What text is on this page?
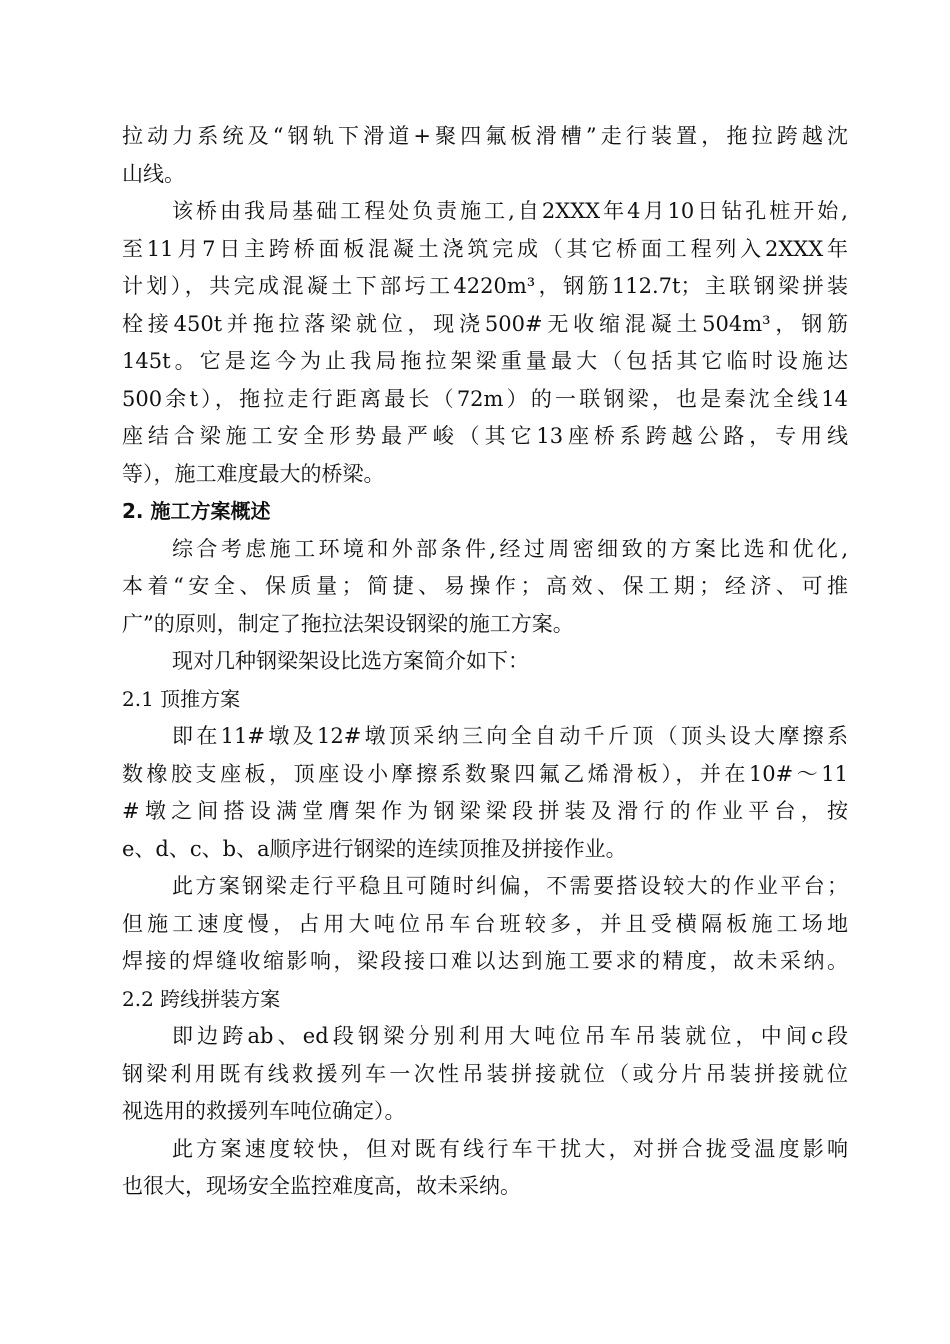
拉动力系统及“钢轨下滑道+聚四氟板滑槽”走行装置，拖拉跨越沈
山线。
该桥由我局基础工程处负责施工,自2XXX年4月10日钻孔桩开始,
至11月7日主跨桥面板混凝土浇筑完成（其它桥面工程列入2XXX年
计划），共完成混凝土下部圬工4220m³，钢筋112.7t；主联钢梁拼装
栓接450t并拖拉落梁就位，现浇500#无收缩混凝土504m³，钢筋
145t。它是迄今为止我局拖拉架梁重量最大（包括其它临时设施达
500余t），拖拉走行距离最长（72m）的一联钢梁，也是秦沈全线14
座结合梁施工安全形势最严峻（其它13座桥系跨越公路，专用线
等），施工难度最大的桥梁。
2. 施工方案概述
综合考虑施工环境和外部条件,经过周密细致的方案比选和优化,
本着“安全、保质量；简捷、易操作；高效、保工期；经济、可推
广”的原则，制定了拖拉法架设钢梁的施工方案。
现对几种钢梁架设比选方案简介如下：
2.1 顶推方案
即在11#墩及12#墩顶采纳三向全自动千斤顶（顶头设大摩擦系
数橡胶支座板，顶座设小摩擦系数聚四氟乙烯滑板），并在10#～11
#墩之间搭设满堂膺架作为钢梁梁段拼装及滑行的作业平台，按
e、d、c、b、a顺序进行钢梁的连续顶推及拼接作业。
此方案钢梁走行平稳且可随时纠偏，不需要搭设较大的作业平台；
但施工速度慢，占用大吨位吊车台班较多，并且受横隔板施工场地
焊接的焊缝收缩影响，梁段接口难以达到施工要求的精度，故未采纳。
2.2 跨线拼装方案
即边跨ab、ed段钢梁分别利用大吨位吊车吊装就位，中间c段
钢梁利用既有线救援列车一次性吊装拼接就位（或分片吊装拼接就位
视选用的救援列车吨位确定）。
此方案速度较快，但对既有线行车干扰大，对拼合拢受温度影响
也很大，现场安全监控难度高，故未采纳。
